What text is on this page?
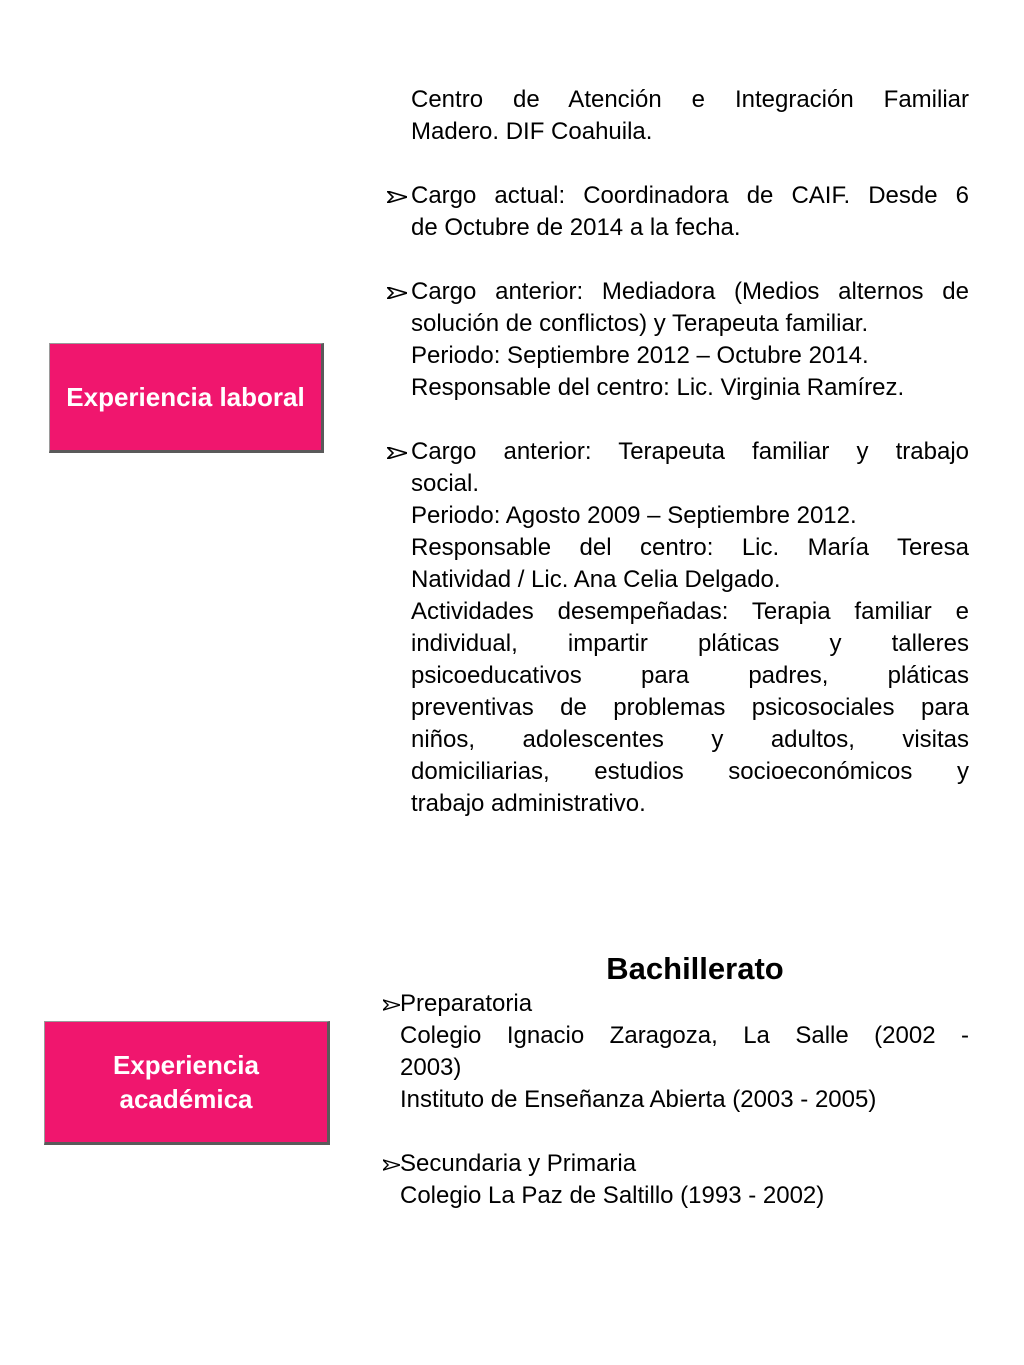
Experiencia laboral
Experiencia
académica
Centro de Atención e Integración Familiar
Madero. DIF Coahuila.
Cargo actual: Coordinadora de CAIF. Desde 6
de Octubre de 2014 a la fecha.
Cargo anterior: Mediadora (Medios alternos de
solución de conflictos) y Terapeuta familiar.
Periodo: Septiembre 2012 – Octubre 2014.
Responsable del centro: Lic. Virginia Ramírez.
Cargo anterior: Terapeuta familiar y trabajo
social.
Periodo: Agosto 2009 – Septiembre 2012.
Responsable del centro: Lic. María Teresa
Natividad / Lic. Ana Celia Delgado.
Actividades desempeñadas: Terapia familiar e
individual, impartir pláticas y talleres
psicoeducativos para padres, pláticas
preventivas de problemas psicosociales para
niños, adolescentes y adultos, visitas
domiciliarias, estudios socioeconómicos y
trabajo administrativo.
Bachillerato
Preparatoria
Colegio Ignacio Zaragoza, La Salle (2002 -
2003)
Instituto de Enseñanza Abierta (2003 - 2005)
Secundaria y Primaria
Colegio La Paz de Saltillo (1993 - 2002)
